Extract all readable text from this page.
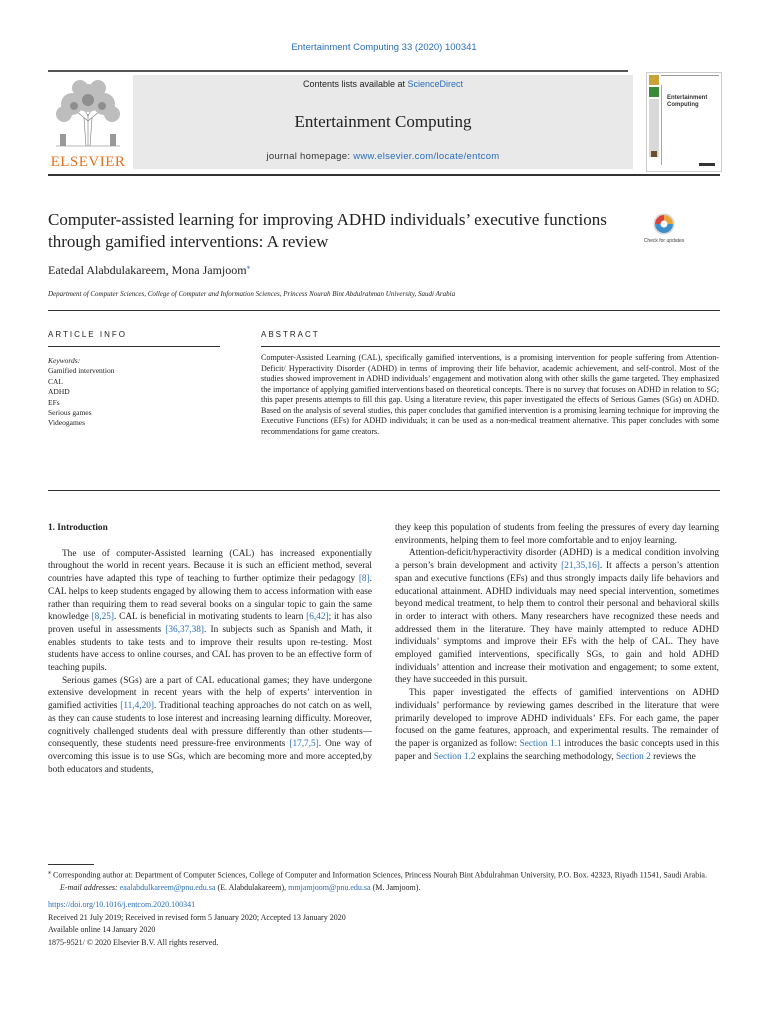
Entertainment Computing 33 (2020) 100341
ELSEVIER
Contents lists available at ScienceDirect
Entertainment Computing
journal homepage: www.elsevier.com/locate/entcom
Entertainment Computing
Computer-assisted learning for improving ADHD individuals’ executive functions through gamified interventions: A review	Check for updates
Eatedal Alabdulakareem, Mona Jamjoom⁎
Department of Computer Sciences, College of Computer and Information Sciences, Princess Nourah Bint Abdulrahman University, Saudi Arabia
ARTICLE INFO	ABSTRACT
Keywords:
Gamified intervention
CAL
ADHD
EFs
Serious games
Videogames
Computer-Assisted Learning (CAL), specifically gamified interventions, is a promising intervention for people suffering from Attention-Deficit/ Hyperactivity Disorder (ADHD) in terms of improving their life behavior, academic achievement, and self-control. Most of the studies showed improvement in ADHD individuals’ engagement and motivation along with other skills the game targeted. They emphasized the importance of applying gamified interventions based on theoretical concepts. There is no survey that focuses on ADHD in relation to SG; this paper presents attempts to fill this gap. Using a literature review, this paper investigated the effects of Serious Games (SGs) on ADHD. Based on the analysis of several studies, this paper concludes that gamified intervention is a promising learning technique for improving the Executive Functions (EFs) for ADHD individuals; it can be used as a non-medical treatment alternative. This paper concludes with some recommendations for game creators.
1. Introduction

The use of computer-Assisted learning (CAL) has increased exponentially throughout the world in recent years. Because it is such an efficient method, several countries have adapted this type of teaching to further optimize their pedagogy [8]. CAL helps to keep students engaged by allowing them to access information with ease rather than requiring them to read several books on a singular topic to gain the same knowledge [8,25]. CAL is beneficial in motivating students to learn [6,42]; it has also proven useful in assessments [36,37,38]. In subjects such as Spanish and Math, it enables students to take tests and to improve their results upon re-testing. Most students have access to online courses, and CAL has proven to be an effective form of teaching pupils.

Serious games (SGs) are a part of CAL educational games; they have undergone extensive development in recent years with the help of experts’ intervention in gamified activities [11,4,20]. Traditional teaching approaches do not catch on as well, as they can cause students to lose interest and increasing learning difficulty. Moreover, cognitively challenged students deal with pressure differently than other students—consequently, these students need pressure-free environments [17,7,5]. One way of overcoming this issue is to use SGs, which are becoming more and more accepted,by both educators and students,

they keep this population of students from feeling the pressures of every day learning environments, helping them to feel more comfortable and to enjoy learning.

Attention-deficit/hyperactivity disorder (ADHD) is a medical condition involving a person’s brain development and activity [21,35,16]. It affects a person’s attention span and executive functions (EFs) and thus strongly impacts daily life behaviors and educational attainment. ADHD individuals may need special intervention, sometimes beyond medical treatment, to help them to control their personal and behavioral skills in order to interact with others. Many researchers have recognized these needs and addressed them in the literature. They have mainly attempted to reduce ADHD individuals’ symptoms and improve their EFs with the help of CAL. They have employed gamified interventions, specifically SGs, to gain and hold ADHD individuals’ attention and increase their motivation and engagement; to some extent, they have succeeded in this pursuit.

This paper investigated the effects of gamified interventions on ADHD individuals’ performance by reviewing games described in the literature that were primarily developed to improve ADHD individuals’ EFs. For each game, the paper focused on the game features, approach, and experimental results. The remainder of the paper is organized as follow: Section 1.1 introduces the basic concepts used in this paper and Section 1.2 explains the searching methodology, Section 2 reviews the

⁎ Corresponding author at: Department of Computer Sciences, College of Computer and Information Sciences, Princess Nourah Bint Abdulrahman University, P.O. Box. 42323, Riyadh 11541, Saudi Arabia.
E-mail addresses: eaalabdulkareem@pnu.edu.sa (E. Alabdulakareem), mmjamjoom@pnu.edu.sa (M. Jamjoom).
https://doi.org/10.1016/j.entcom.2020.100341
Received 21 July 2019; Received in revised form 5 January 2020; Accepted 13 January 2020
Available online 14 January 2020
1875-9521/ © 2020 Elsevier B.V. All rights reserved.
